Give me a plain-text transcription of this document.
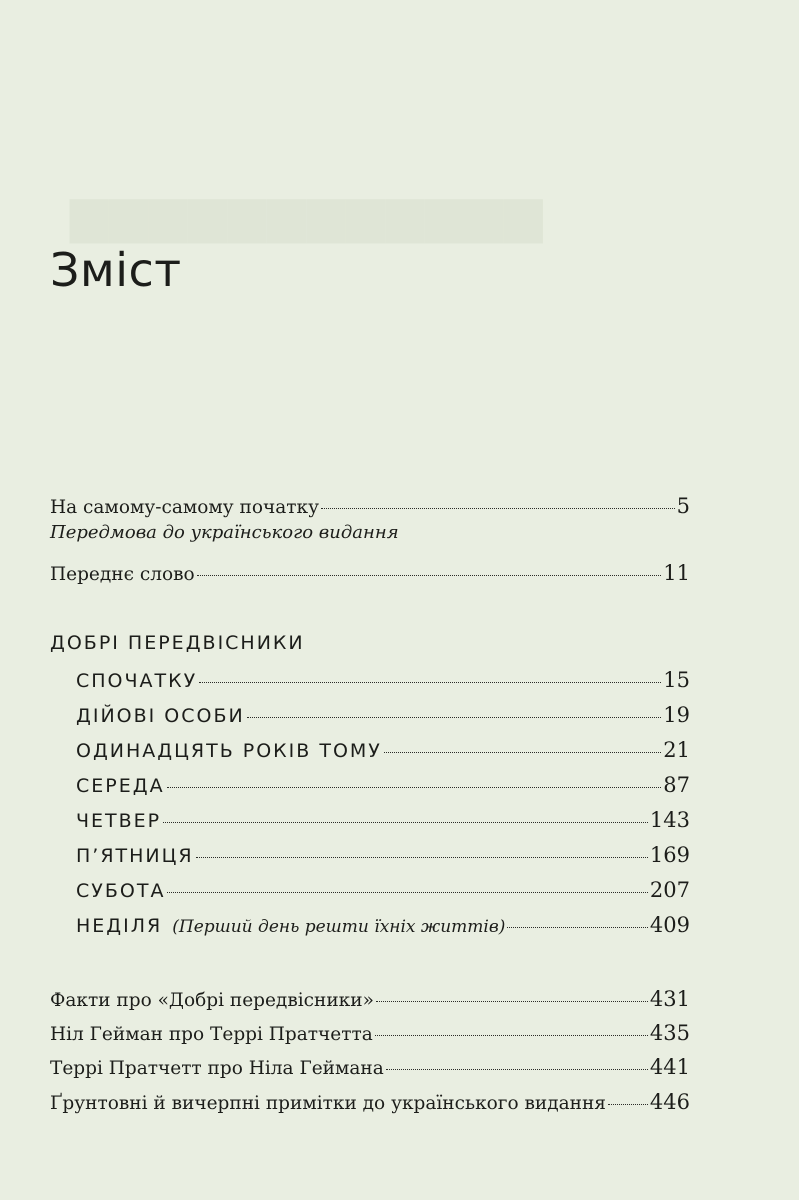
▆▆▆▆▆▆▆▆▆▆▆▆
Зміст
На самому-самому початку	5
Передмова до українського видання
Переднє слово	11
ДОБРІ ПЕРЕДВІСНИКИ
СПОЧАТКУ	15
ДІЙОВІ ОСОБИ	19
ОДИНАДЦЯТЬ РОКІВ ТОМУ	21
СЕРЕДА	87
ЧЕТВЕР	143
П’ЯТНИЦЯ	169
СУБОТА	207
НЕДІЛЯ (Перший день решти їхніх життів)	409
Факти про «Добрі передвісники»	431
Ніл Гейман про Террі Пратчетта	435
Террі Пратчетт про Ніла Геймана	441
Ґрунтовні й вичерпні примітки до українського видання 446
